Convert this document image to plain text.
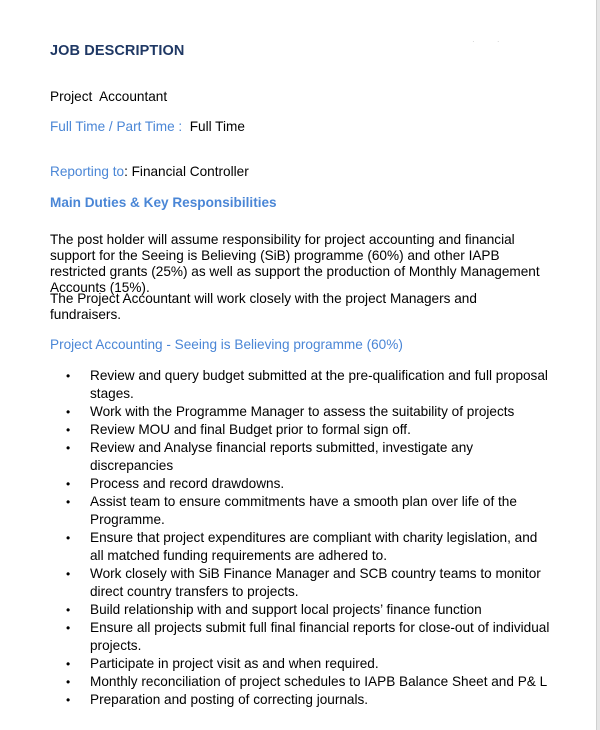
JOB DESCRIPTION
· ·
Project  Accountant
Full Time / Part Time : Full Time
Reporting to: Financial Controller
Main Duties & Key Responsibilities
The post holder will assume responsibility for project accounting and financial support for the Seeing is Believing (SiB) programme (60%) and other IAPB restricted grants (25%) as well as support the production of Monthly Management Accounts (15%).
The Project Accountant will work closely with the project Managers and fundraisers.
Project Accounting - Seeing is Believing programme (60%)
• Review and query budget submitted at the pre-qualification and full proposal stages.
• Work with the Programme Manager to assess the suitability of projects
• Review MOU and final Budget prior to formal sign off.
• Review and Analyse financial reports submitted, investigate any discrepancies
• Process and record drawdowns.
• Assist team to ensure commitments have a smooth plan over life of the Programme.
• Ensure that project expenditures are compliant with charity legislation, and all matched funding requirements are adhered to.
• Work closely with SiB Finance Manager and SCB country teams to monitor direct country transfers to projects.
• Build relationship with and support local projects’ finance function
• Ensure all projects submit full final financial reports for close-out of individual projects.
• Participate in project visit as and when required.
• Monthly reconciliation of project schedules to IAPB Balance Sheet and P& L
• Preparation and posting of correcting journals.
